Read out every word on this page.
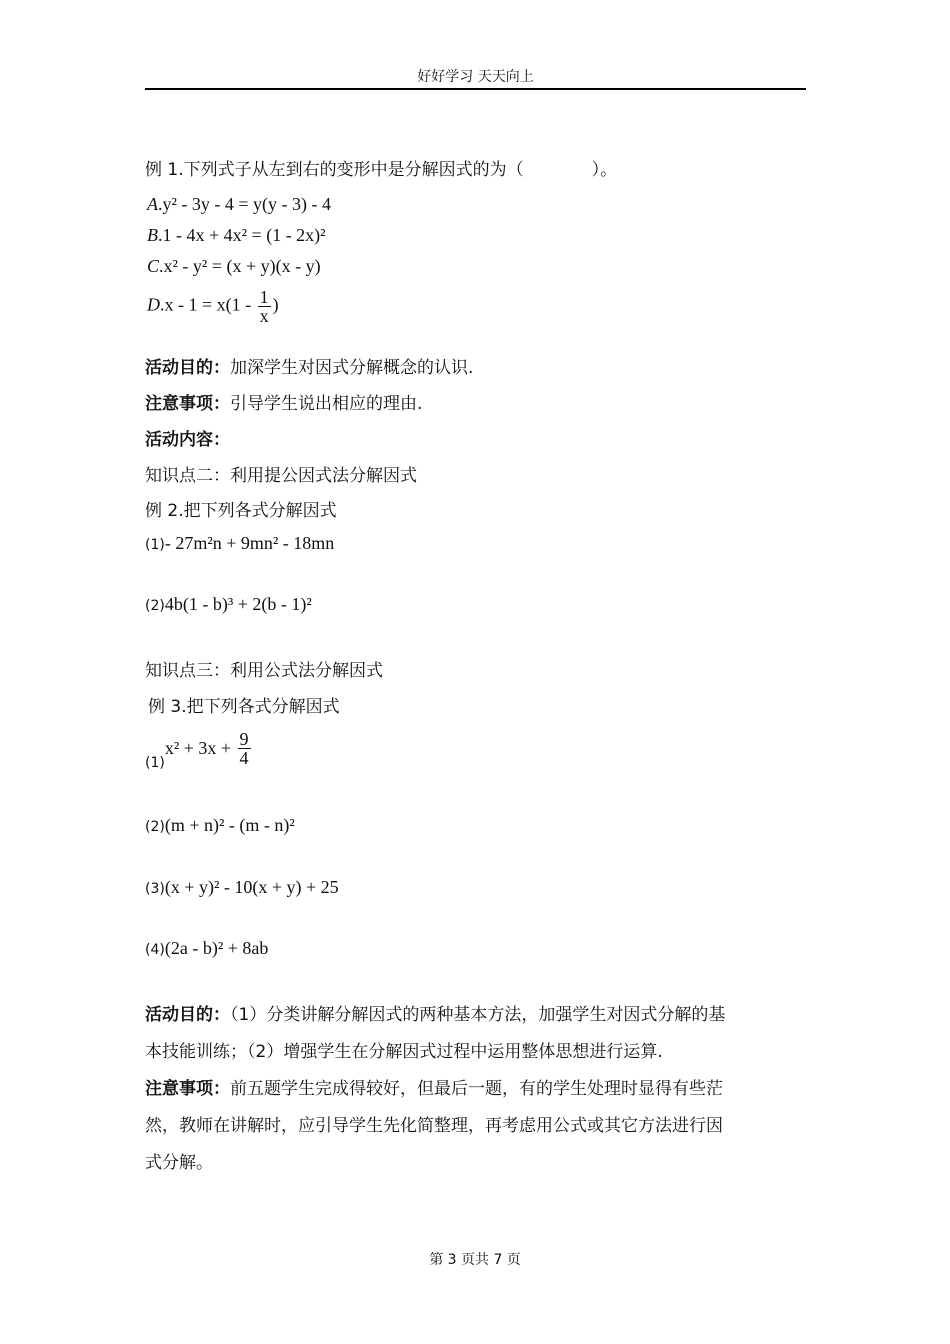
好好学习 天天向上
例 1.下列式子从左到右的变形中是分解因式的为（　　　　）。
A.y² - 3y - 4 = y(y - 3) - 4
B.1 - 4x + 4x² = (1 - 2x)²
C.x² - y² = (x + y)(x - y)
$D.x - 1 = x(1 - \frac{1}{x}$ )
活动目的：加深学生对因式分解概念的认识.
注意事项：引导学生说出相应的理由.
活动内容：
知识点二：利用提公因式法分解因式
例 2.把下列各式分解因式
(1)- 27m²n + 9mn² - 18mn
(2)4b(1 - b)³ + 2(b - 1)²
知识点三：利用公式法分解因式
例 3.把下列各式分解因式
$(1)x^2 + 3x + \frac{9}{4}$
(2)(m + n)² - (m - n)²
(3)(x + y)² - 10(x + y) + 25
(4)(2a - b)² + 8ab
活动目的：（1）分类讲解分解因式的两种基本方法，加强学生对因式分解的基
本技能训练；（2）增强学生在分解因式过程中运用整体思想进行运算.
注意事项：前五题学生完成得较好，但最后一题，有的学生处理时显得有些茫
然，教师在讲解时，应引导学生先化简整理，再考虑用公式或其它方法进行因
式分解。
第 3 页共 7 页
